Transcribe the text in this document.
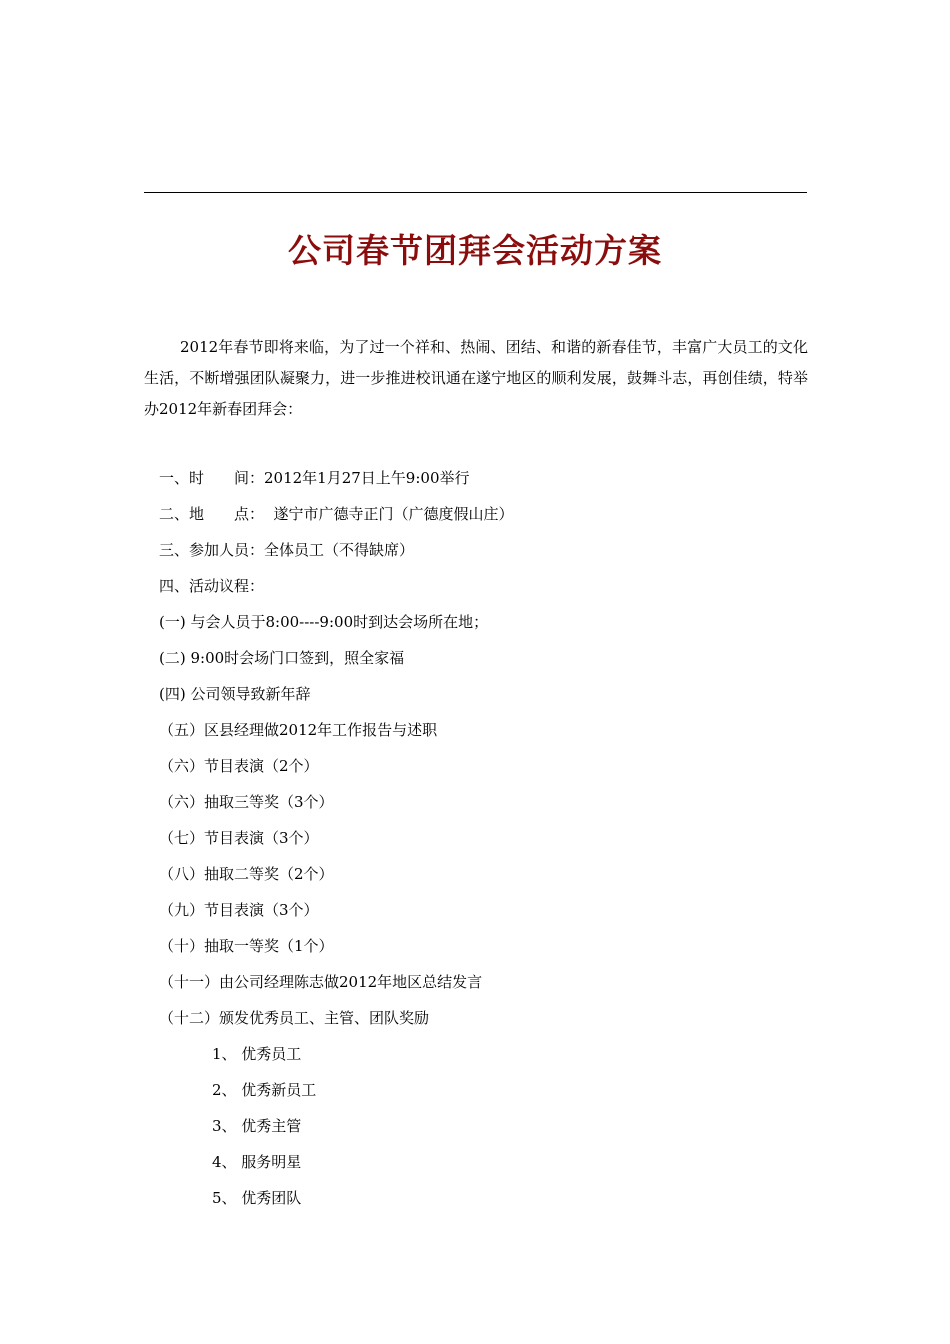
公司春节团拜会活动方案
2012年春节即将来临，为了过一个祥和、热闹、团结、和谐的新春佳节，丰富广大员工的文化生活，不断增强团队凝聚力，进一步推进校讯通在遂宁地区的顺利发展，鼓舞斗志，再创佳绩，特举办2012年新春团拜会：
一、时　　间：2012年1月27日上午9:00举行
二、地　　点：  遂宁市广德寺正门（广德度假山庄）
三、参加人员：全体员工（不得缺席）
四、活动议程：
(一) 与会人员于8:00----9:00时到达会场所在地；
(二) 9:00时会场门口签到，照全家福
(四) 公司领导致新年辞
（五）区县经理做2012年工作报告与述职
（六）节目表演（2个）
（六）抽取三等奖（3个）
（七）节目表演（3个）
（八）抽取二等奖（2个）
（九）节目表演（3个）
（十）抽取一等奖（1个）
（十一）由公司经理陈志做2012年地区总结发言
（十二）颁发优秀员工、主管、团队奖励
1、 优秀员工
2、 优秀新员工
3、 优秀主管
4、 服务明星
5、 优秀团队
